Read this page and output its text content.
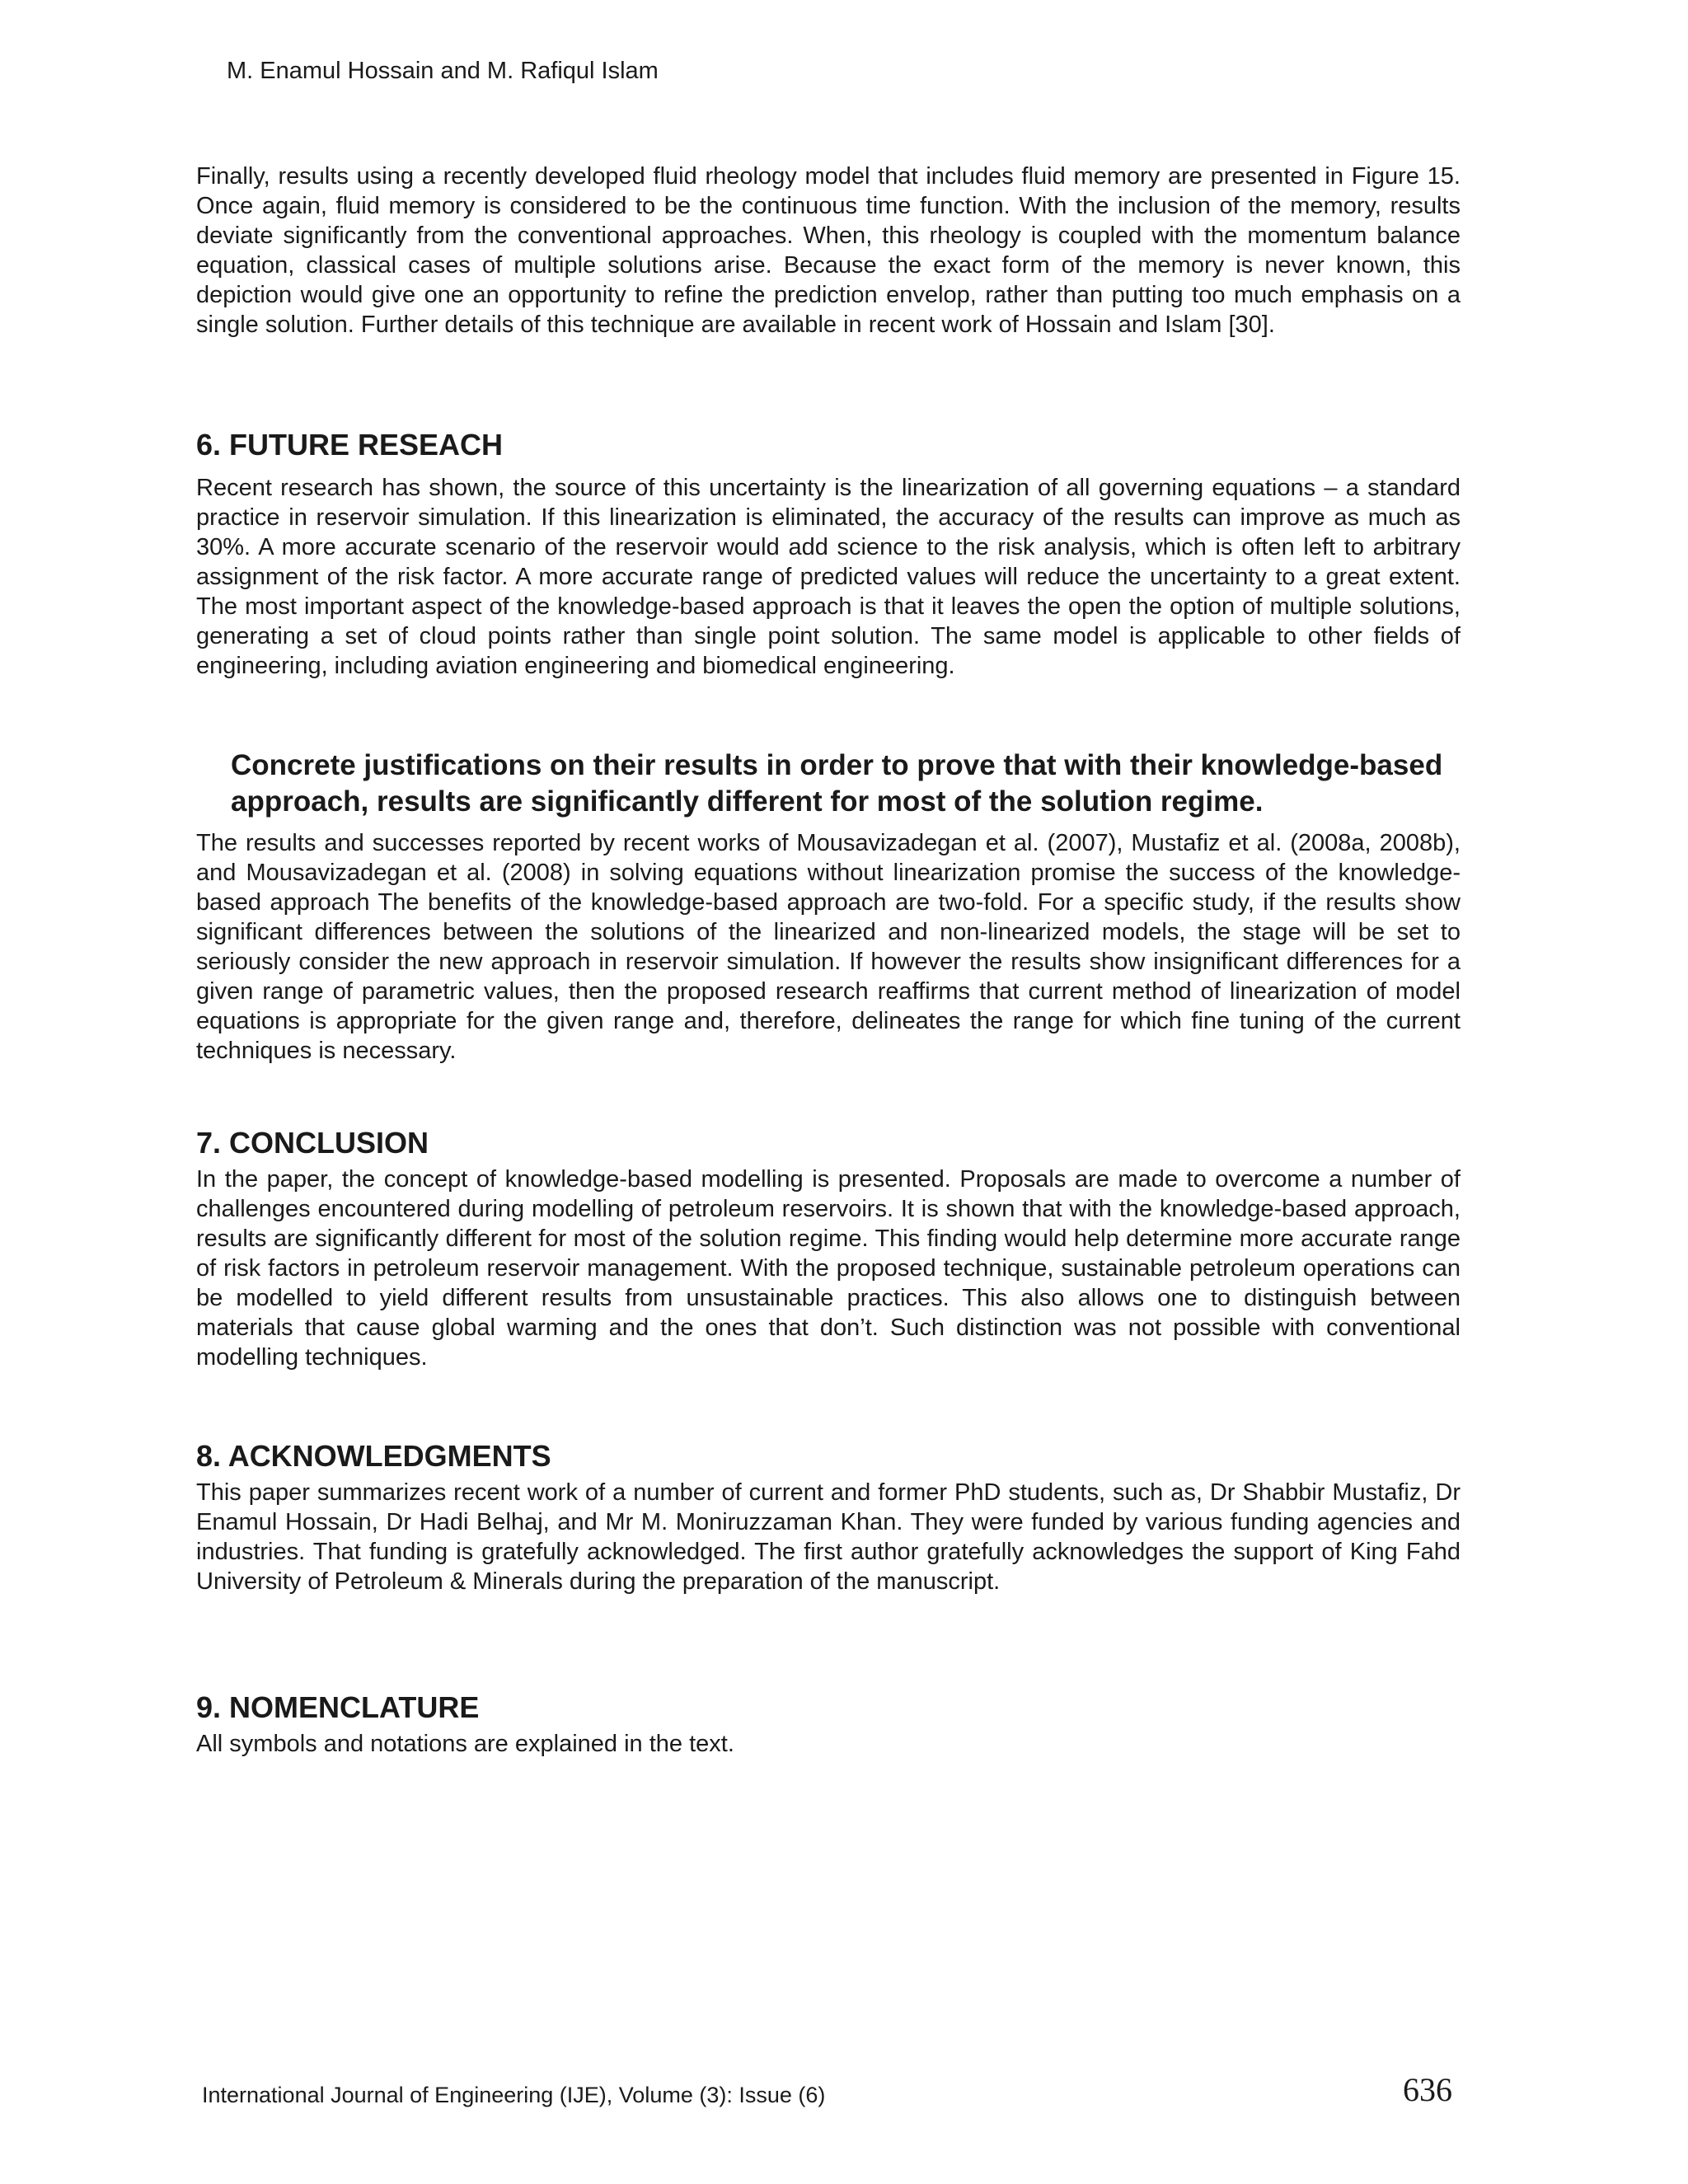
M. Enamul Hossain and M. Rafiqul Islam

Finally, results using a recently developed fluid rheology model that includes fluid memory are presented in Figure 15. Once again, fluid memory is considered to be the continuous time function. With the inclusion of the memory, results deviate significantly from the conventional approaches. When, this rheology is coupled with the momentum balance equation, classical cases of multiple solutions arise. Because the exact form of the memory is never known, this depiction would give one an opportunity to refine the prediction envelop, rather than putting too much emphasis on a single solution. Further details of this technique are available in recent work of Hossain and Islam [30].

6. FUTURE RESEACH

Recent research has shown, the source of this uncertainty is the linearization of all governing equations – a standard practice in reservoir simulation. If this linearization is eliminated, the accuracy of the results can improve as much as 30%. A more accurate scenario of the reservoir would add science to the risk analysis, which is often left to arbitrary assignment of the risk factor. A more accurate range of predicted values will reduce the uncertainty to a great extent. The most important aspect of the knowledge-based approach is that it leaves the open the option of multiple solutions, generating a set of cloud points rather than single point solution. The same model is applicable to other fields of engineering, including aviation engineering and biomedical engineering.

Concrete justifications on their results in order to prove that with their knowledge-based approach, results are significantly different for most of the solution regime.

The results and successes reported by recent works of Mousavizadegan et al. (2007), Mustafiz et al. (2008a, 2008b), and Mousavizadegan et al. (2008) in solving equations without linearization promise the success of the knowledge-based approach The benefits of the knowledge-based approach are two-fold. For a specific study, if the results show significant differences between the solutions of the linearized and non-linearized models, the stage will be set to seriously consider the new approach in reservoir simulation. If however the results show insignificant differences for a given range of parametric values, then the proposed research reaffirms that current method of linearization of model equations is appropriate for the given range and, therefore, delineates the range for which fine tuning of the current techniques is necessary.

7. CONCLUSION

In the paper, the concept of knowledge-based modelling is presented. Proposals are made to overcome a number of challenges encountered during modelling of petroleum reservoirs. It is shown that with the knowledge-based approach, results are significantly different for most of the solution regime. This finding would help determine more accurate range of risk factors in petroleum reservoir management. With the proposed technique, sustainable petroleum operations can be modelled to yield different results from unsustainable practices. This also allows one to distinguish between materials that cause global warming and the ones that don’t. Such distinction was not possible with conventional modelling techniques.

8. ACKNOWLEDGMENTS

This paper summarizes recent work of a number of current and former PhD students, such as, Dr Shabbir Mustafiz, Dr Enamul Hossain, Dr Hadi Belhaj, and Mr M. Moniruzzaman Khan. They were funded by various funding agencies and industries. That funding is gratefully acknowledged. The first author gratefully acknowledges the support of King Fahd University of Petroleum & Minerals during the preparation of the manuscript.

9. NOMENCLATURE

All symbols and notations are explained in the text.

International Journal of Engineering (IJE), Volume (3): Issue (6)	636
